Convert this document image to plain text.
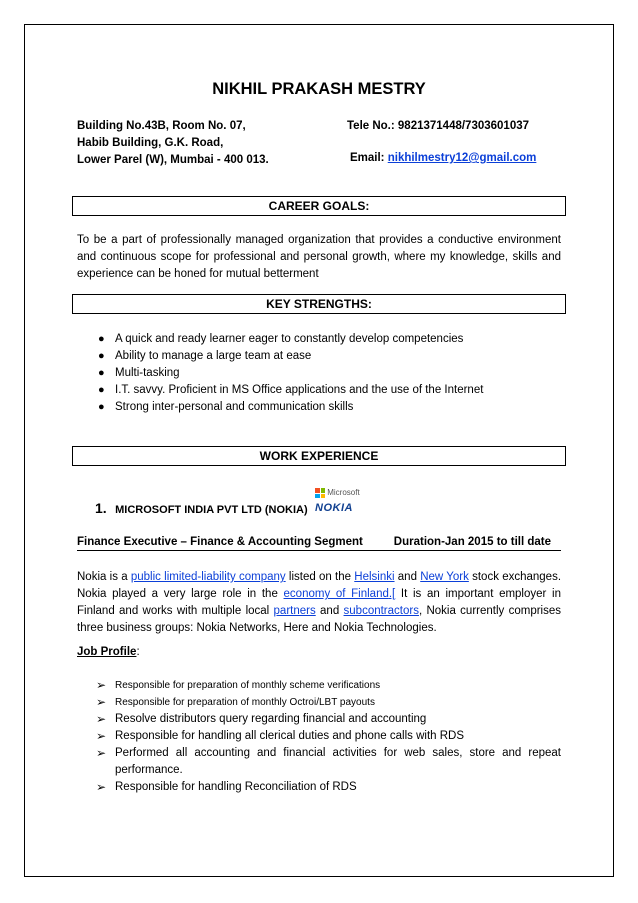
NIKHIL PRAKASH MESTRY
Building No.43B, Room No. 07,
Habib Building, G.K. Road,
Lower Parel (W), Mumbai - 400 013.
Tele No.: 9821371448/7303601037
Email: nikhilmestry12@gmail.com
CAREER GOALS:
To be a part of professionally managed organization that provides a conductive environment and continuous scope for professional and personal growth, where my knowledge, skills and experience can be honed for mutual betterment
KEY STRENGTHS:
● A quick and ready learner eager to constantly develop competencies
● Ability to manage a large team at ease
● Multi-tasking
● I.T. savvy. Proficient in MS Office applications and the use of the Internet
● Strong inter-personal and communication skills
WORK EXPERIENCE
Microsoft
NOKIA
1. MICROSOFT INDIA PVT LTD (NOKIA)
Finance Executive – Finance & Accounting Segment	Duration-Jan 2015 to till date
Nokia is a public limited-liability company listed on the Helsinki and New York stock exchanges. Nokia played a very large role in the economy of Finland.[ It is an important employer in Finland and works with multiple local partners and subcontractors, Nokia currently comprises three business groups: Nokia Networks, Here and Nokia Technologies.
Job Profile:
➢ Responsible for preparation of monthly scheme verifications
➢ Responsible for preparation of monthly Octroi/LBT payouts
➢ Resolve distributors query regarding financial and accounting
➢ Responsible for handling all clerical duties and phone calls with RDS
➢ Performed all accounting and financial activities for web sales, store and repeat performance.
➢ Responsible for handling Reconciliation of RDS
